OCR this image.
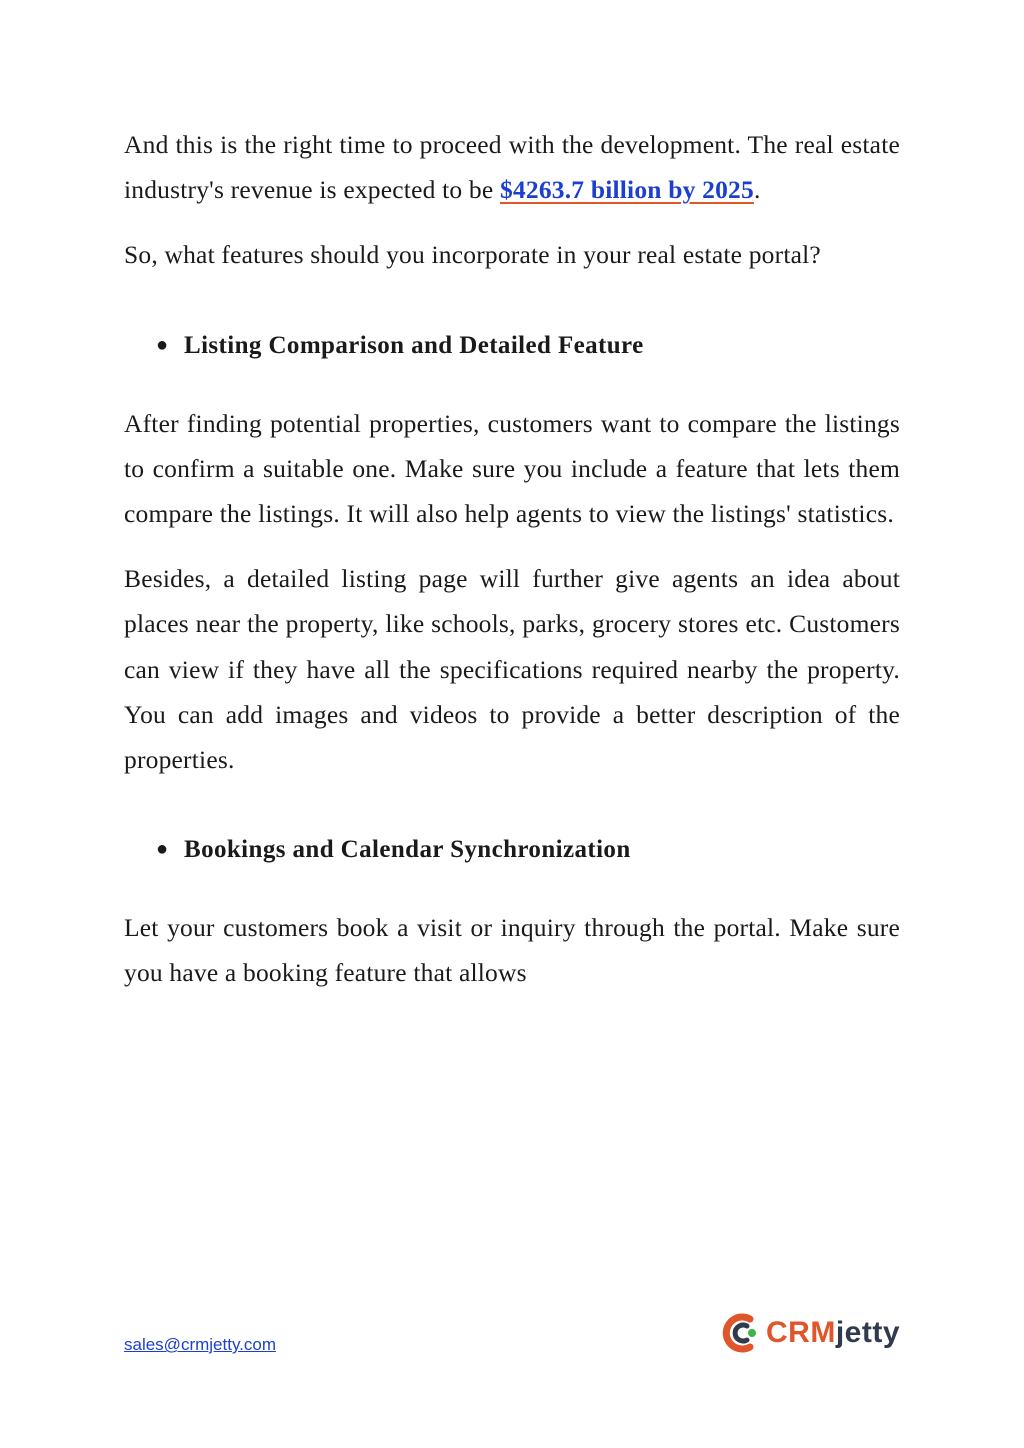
And this is the right time to proceed with the development. The real estate industry's revenue is expected to be $4263.7 billion by 2025.

So, what features should you incorporate in your real estate portal?

● Listing Comparison and Detailed Feature

After finding potential properties, customers want to compare the listings to confirm a suitable one. Make sure you include a feature that lets them compare the listings. It will also help agents to view the listings' statistics.

Besides, a detailed listing page will further give agents an idea about places near the property, like schools, parks, grocery stores etc. Customers can view if they have all the specifications required nearby the property. You can add images and videos to provide a better description of the properties.

● Bookings and Calendar Synchronization

Let your customers book a visit or inquiry through the portal. Make sure you have a booking feature that allows

sales@crmjetty.com	CRMjetty
